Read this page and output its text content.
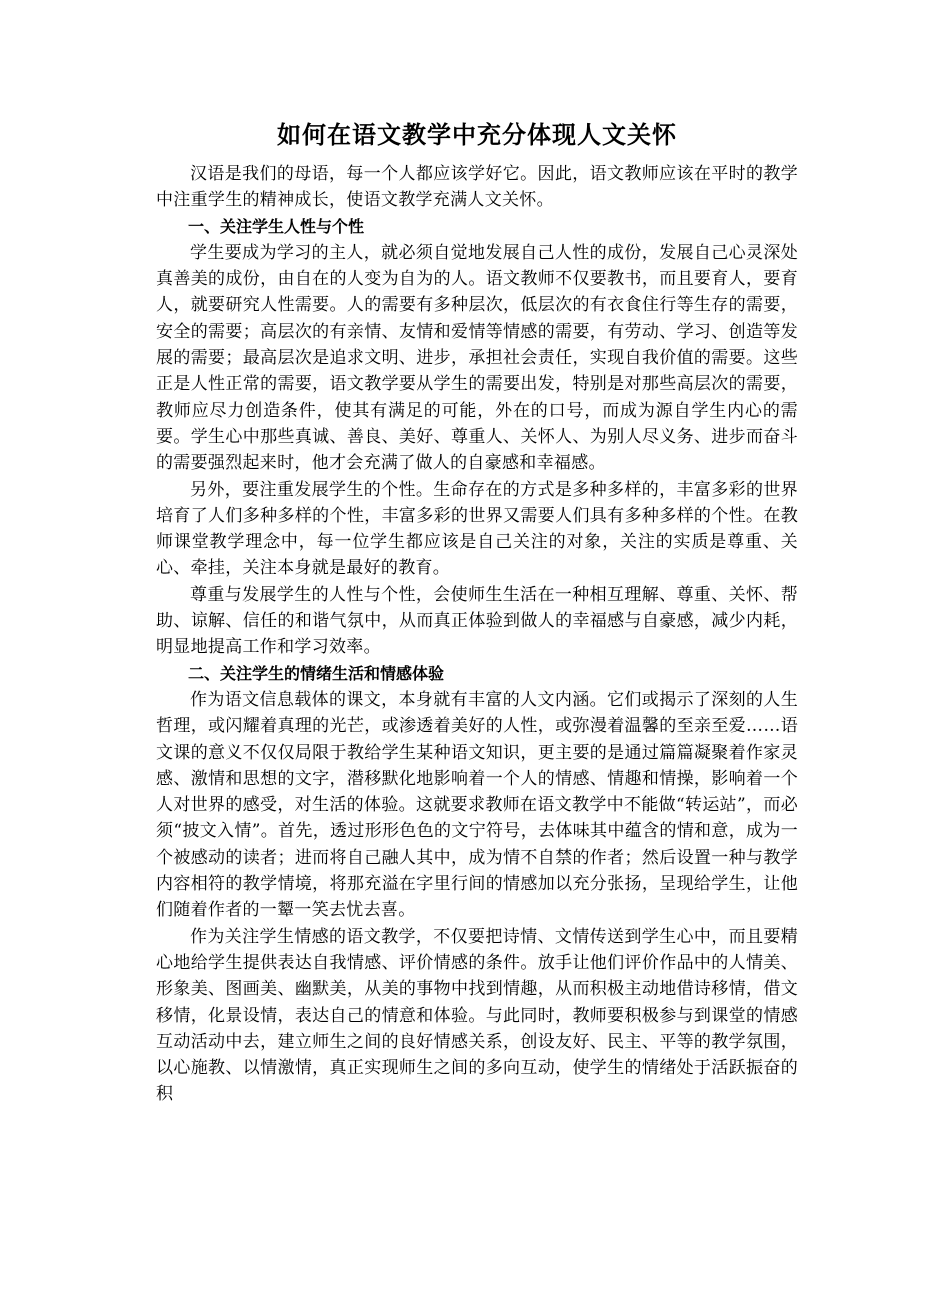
如何在语文教学中充分体现人文关怀

汉语是我们的母语，每一个人都应该学好它。因此，语文教师应该在平时的教学中注重学生的精神成长，使语文教学充满人文关怀。

一、关注学生人性与个性

学生要成为学习的主人，就必须自觉地发展自己人性的成份，发展自己心灵深处真善美的成份，由自在的人变为自为的人。语文教师不仅要教书，而且要育人，要育人，就要研究人性需要。人的需要有多种层次，低层次的有衣食住行等生存的需要，安全的需要；高层次的有亲情、友情和爱情等情感的需要，有劳动、学习、创造等发展的需要；最高层次是追求文明、进步，承担社会责任，实现自我价值的需要。这些正是人性正常的需要，语文教学要从学生的需要出发，特别是对那些高层次的需要，教师应尽力创造条件，使其有满足的可能，外在的口号，而成为源自学生内心的需要。学生心中那些真诚、善良、美好、尊重人、关怀人、为别人尽义务、进步而奋斗的需要强烈起来时，他才会充满了做人的自豪感和幸福感。

另外，要注重发展学生的个性。生命存在的方式是多种多样的，丰富多彩的世界培育了人们多种多样的个性，丰富多彩的世界又需要人们具有多种多样的个性。在教师课堂教学理念中，每一位学生都应该是自己关注的对象，关注的实质是尊重、关心、牵挂，关注本身就是最好的教育。

尊重与发展学生的人性与个性，会使师生生活在一种相互理解、尊重、关怀、帮助、谅解、信任的和谐气氛中，从而真正体验到做人的幸福感与自豪感，减少内耗，明显地提高工作和学习效率。

二、关注学生的情绪生活和情感体验

作为语文信息载体的课文，本身就有丰富的人文内涵。它们或揭示了深刻的人生哲理，或闪耀着真理的光芒，或渗透着美好的人性，或弥漫着温馨的至亲至爱……语文课的意义不仅仅局限于教给学生某种语文知识，更主要的是通过篇篇凝聚着作家灵感、激情和思想的文字，潜移默化地影响着一个人的情感、情趣和情操，影响着一个人对世界的感受，对生活的体验。这就要求教师在语文教学中不能做“转运站”，而必须“披文入情”。首先，透过形形色色的文宁符号，去体味其中蕴含的情和意，成为一个被感动的读者；进而将自己融人其中，成为情不自禁的作者；然后设置一种与教学内容相符的教学情境，将那充溢在字里行间的情感加以充分张扬，呈现给学生，让他们随着作者的一颦一笑去忧去喜。

作为关注学生情感的语文教学，不仅要把诗情、文情传送到学生心中，而且要精心地给学生提供表达自我情感、评价情感的条件。放手让他们评价作品中的人情美、形象美、图画美、幽默美，从美的事物中找到情趣，从而积极主动地借诗移情，借文移情，化景设情，表达自己的情意和体验。与此同时，教师要积极参与到课堂的情感互动活动中去，建立师生之间的良好情感关系，创设友好、民主、平等的教学氛围，以心施教、以情激情，真正实现师生之间的多向互动，使学生的情绪处于活跃振奋的积
